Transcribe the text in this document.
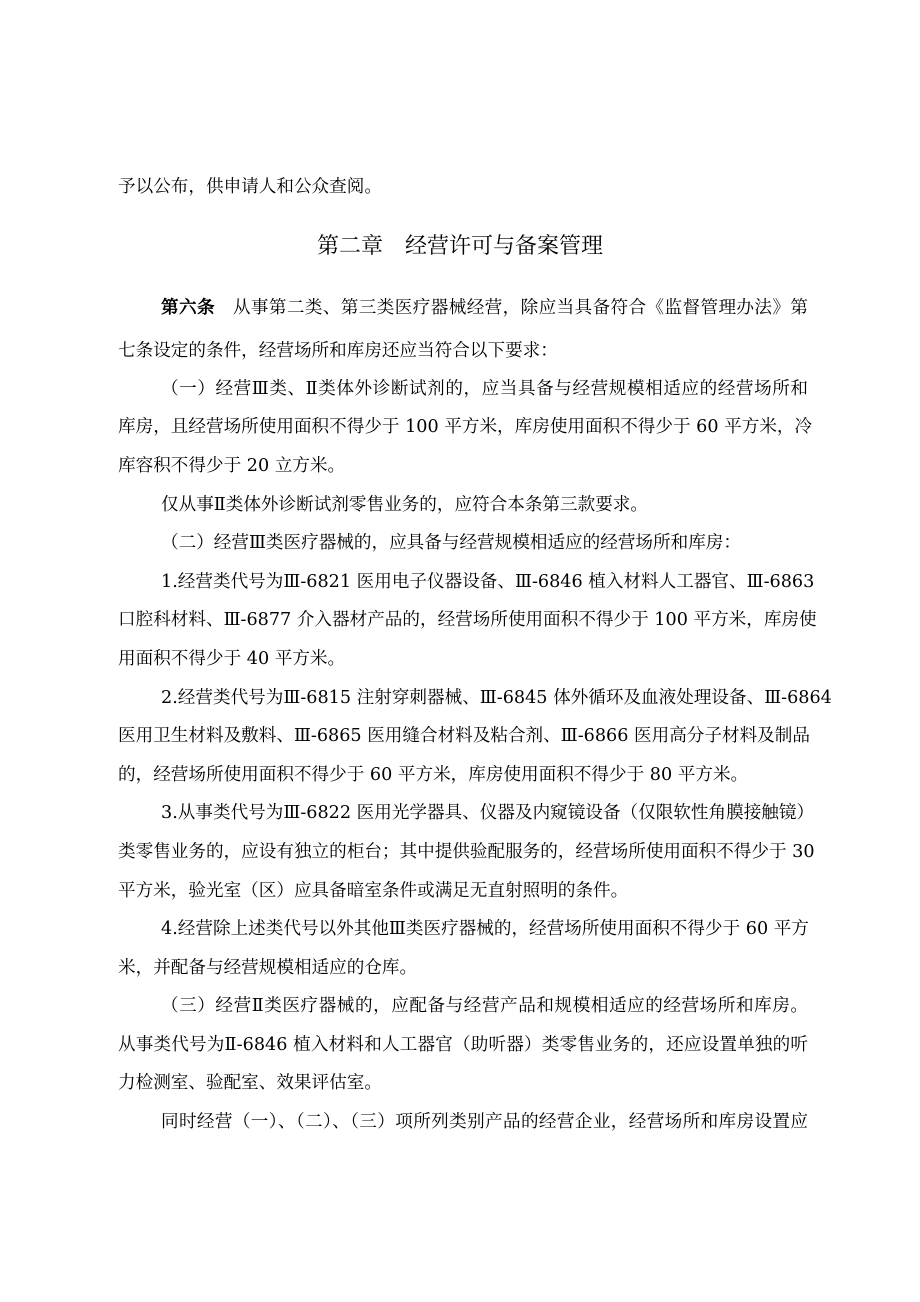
予以公布，供申请人和公众查阅。
第二章　经营许可与备案管理
第六条　 从事第二类、第三类医疗器械经营，除应当具备符合《监督管理办法》第
七条设定的条件，经营场所和库房还应当符合以下要求：
（一）经营Ⅲ类、Ⅱ类体外诊断试剂的，应当具备与经营规模相适应的经营场所和
库房，且经营场所使用面积不得少于 100 平方米，库房使用面积不得少于 60 平方米，冷
库容积不得少于 20 立方米。
仅从事Ⅱ类体外诊断试剂零售业务的，应符合本条第三款要求。
（二）经营Ⅲ类医疗器械的，应具备与经营规模相适应的经营场所和库房：
1.经营类代号为Ⅲ-6821 医用电子仪器设备、Ⅲ-6846 植入材料人工器官、Ⅲ-6863
口腔科材料、Ⅲ-6877 介入器材产品的，经营场所使用面积不得少于 100 平方米，库房使
用面积不得少于 40 平方米。
2.经营类代号为Ⅲ-6815 注射穿刺器械、Ⅲ-6845 体外循环及血液处理设备、Ⅲ-6864
医用卫生材料及敷料、Ⅲ-6865 医用缝合材料及粘合剂、Ⅲ-6866 医用高分子材料及制品
的，经营场所使用面积不得少于 60 平方米，库房使用面积不得少于 80 平方米。
3.从事类代号为Ⅲ-6822 医用光学器具、仪器及内窥镜设备（仅限软性角膜接触镜）
类零售业务的，应设有独立的柜台；其中提供验配服务的，经营场所使用面积不得少于 30
平方米，验光室（区）应具备暗室条件或满足无直射照明的条件。
4.经营除上述类代号以外其他Ⅲ类医疗器械的，经营场所使用面积不得少于 60 平方
米，并配备与经营规模相适应的仓库。
（三）经营Ⅱ类医疗器械的，应配备与经营产品和规模相适应的经营场所和库房。
从事类代号为Ⅱ-6846 植入材料和人工器官（助听器）类零售业务的，还应设置单独的听
力检测室、验配室、效果评估室。
同时经营（一）、（二）、（三）项所列类别产品的经营企业，经营场所和库房设置应
